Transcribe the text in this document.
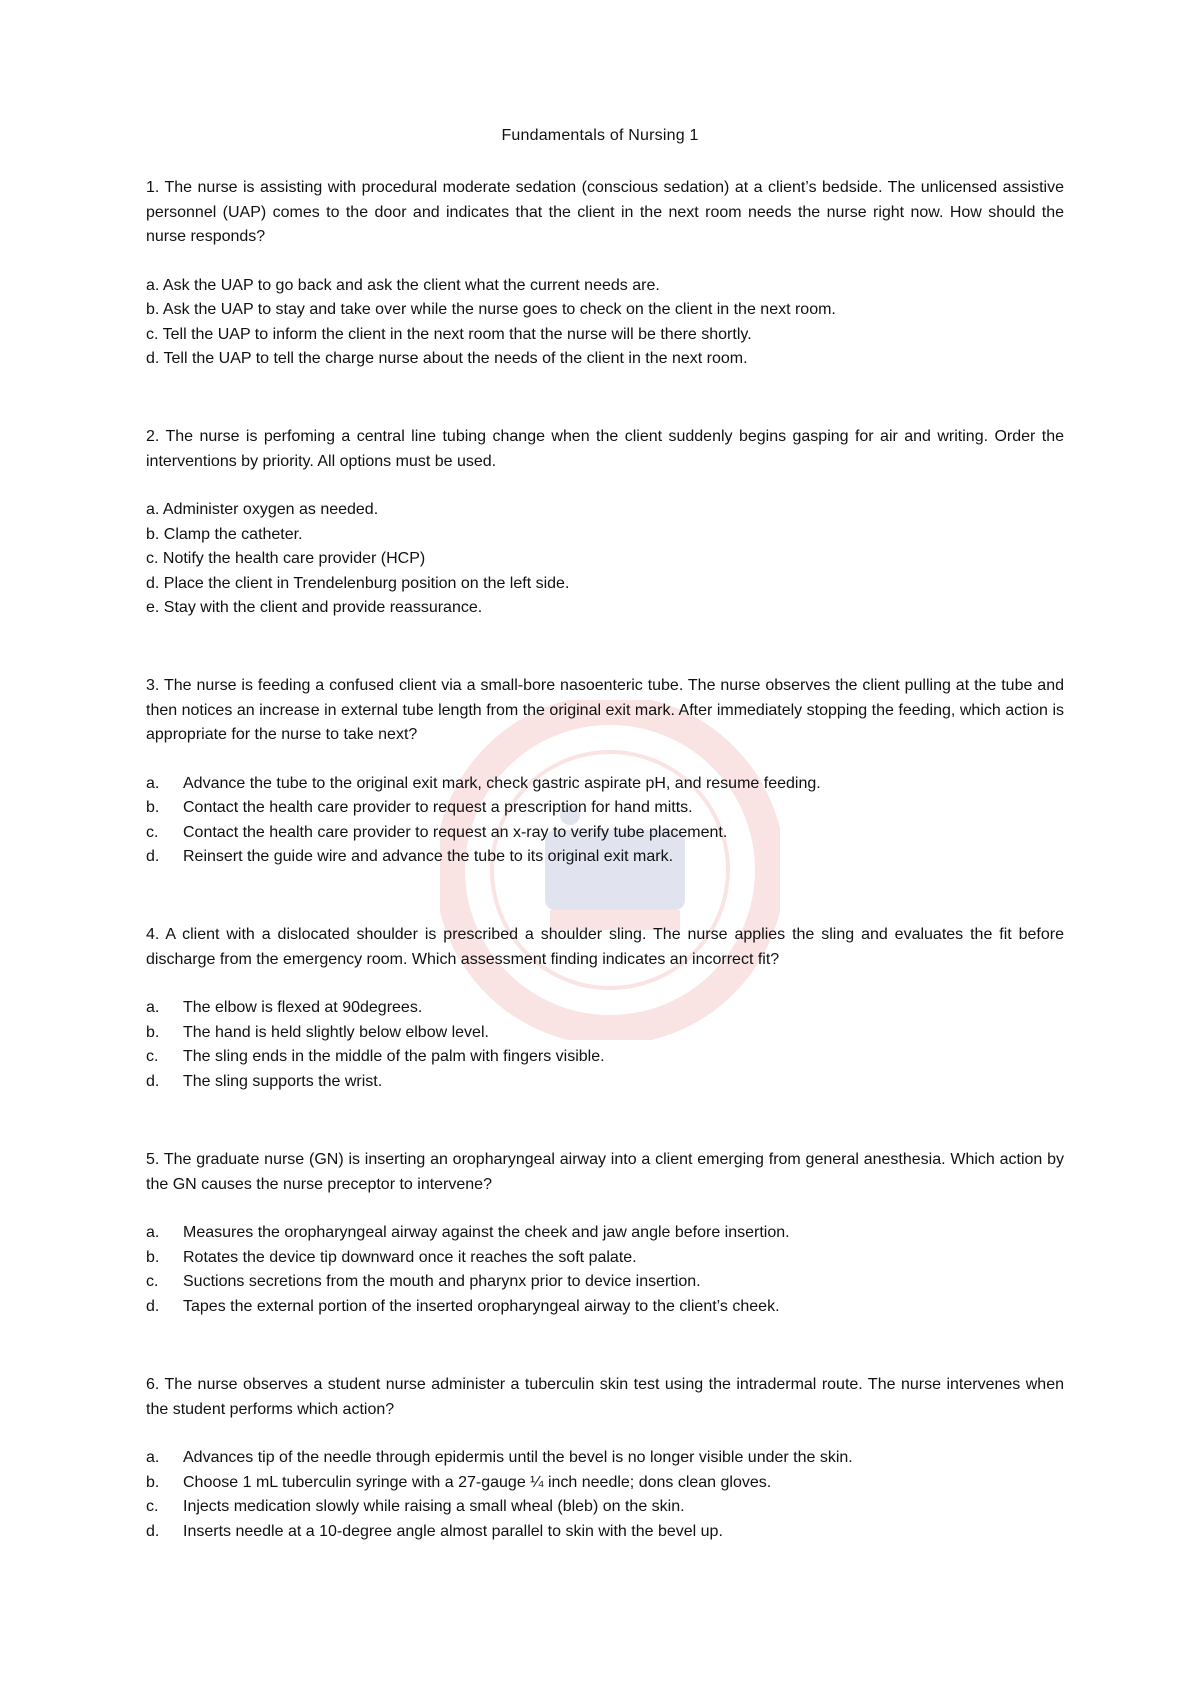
Fundamentals of Nursing 1

1. The nurse is assisting with procedural moderate sedation (conscious sedation) at a client’s bedside. The unlicensed assistive personnel (UAP) comes to the door and indicates that the client in the next room needs the nurse right now. How should the nurse responds?

a. Ask the UAP to go back and ask the client what the current needs are.
b. Ask the UAP to stay and take over while the nurse goes to check on the client in the next room.
c. Tell the UAP to inform the client in the next room that the nurse will be there shortly.
d. Tell the UAP to tell the charge nurse about the needs of the client in the next room.

2. The nurse is perfoming a central line tubing change when the client suddenly begins gasping for air and writing. Order the interventions by priority. All options must be used.

a. Administer oxygen as needed.
b. Clamp the catheter.
c. Notify the health care provider (HCP)
d. Place the client in Trendelenburg position on the left side.
e. Stay with the client and provide reassurance.

3. The nurse is feeding a confused client via a small-bore nasoenteric tube. The nurse observes the client pulling at the tube and then notices an increase in external tube length from the original exit mark. After immediately stopping the feeding, which action is appropriate for the nurse to take next?

a. Advance the tube to the original exit mark, check gastric aspirate pH, and resume feeding.
b. Contact the health care provider to request a prescription for hand mitts.
c. Contact the health care provider to request an x-ray to verify tube placement.
d. Reinsert the guide wire and advance the tube to its original exit mark.

4. A client with a dislocated shoulder is prescribed a shoulder sling. The nurse applies the sling and evaluates the fit before discharge from the emergency room. Which assessment finding indicates an incorrect fit?

a. The elbow is flexed at 90degrees.
b. The hand is held slightly below elbow level.
c. The sling ends in the middle of the palm with fingers visible.
d. The sling supports the wrist.

5. The graduate nurse (GN) is inserting an oropharyngeal airway into a client emerging from general anesthesia. Which action by the GN causes the nurse preceptor to intervene?

a. Measures the oropharyngeal airway against the cheek and jaw angle before insertion.
b. Rotates the device tip downward once it reaches the soft palate.
c. Suctions secretions from the mouth and pharynx prior to device insertion.
d. Tapes the external portion of the inserted oropharyngeal airway to the client’s cheek.

6. The nurse observes a student nurse administer a tuberculin skin test using the intradermal route. The nurse intervenes when the student performs which action?

a. Advances tip of the needle through epidermis until the bevel is no longer visible under the skin.
b. Choose 1 mL tuberculin syringe with a 27-gauge ¼ inch needle; dons clean gloves.
c. Injects medication slowly while raising a small wheal (bleb) on the skin.
d. Inserts needle at a 10-degree angle almost parallel to skin with the bevel up.
